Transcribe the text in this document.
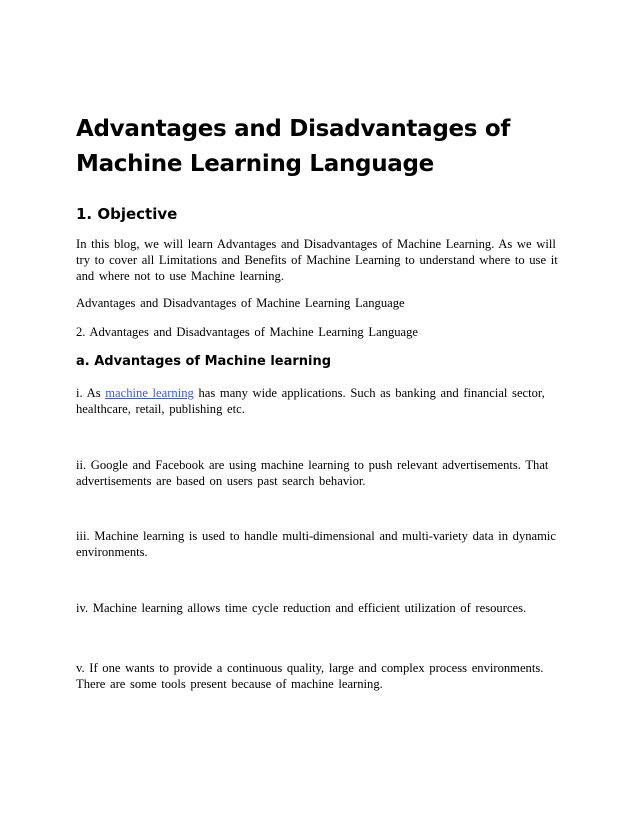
Advantages and Disadvantages of Machine Learning Language
1. Objective

In this blog, we will learn Advantages and Disadvantages of Machine Learning. As we will try to cover all Limitations and Benefits of Machine Learning to understand where to use it and where not to use Machine learning.

Advantages and Disadvantages of Machine Learning Language

2. Advantages and Disadvantages of Machine Learning Language

a. Advantages of Machine learning

i. As machine learning has many wide applications. Such as banking and financial sector, healthcare, retail, publishing etc.

ii. Google and Facebook are using machine learning to push relevant advertisements. That advertisements are based on users past search behavior.

iii. Machine learning is used to handle multi-dimensional and multi-variety data in dynamic environments.

iv. Machine learning allows time cycle reduction and efficient utilization of resources.

v. If one wants to provide a continuous quality, large and complex process environments. There are some tools present because of machine learning.
